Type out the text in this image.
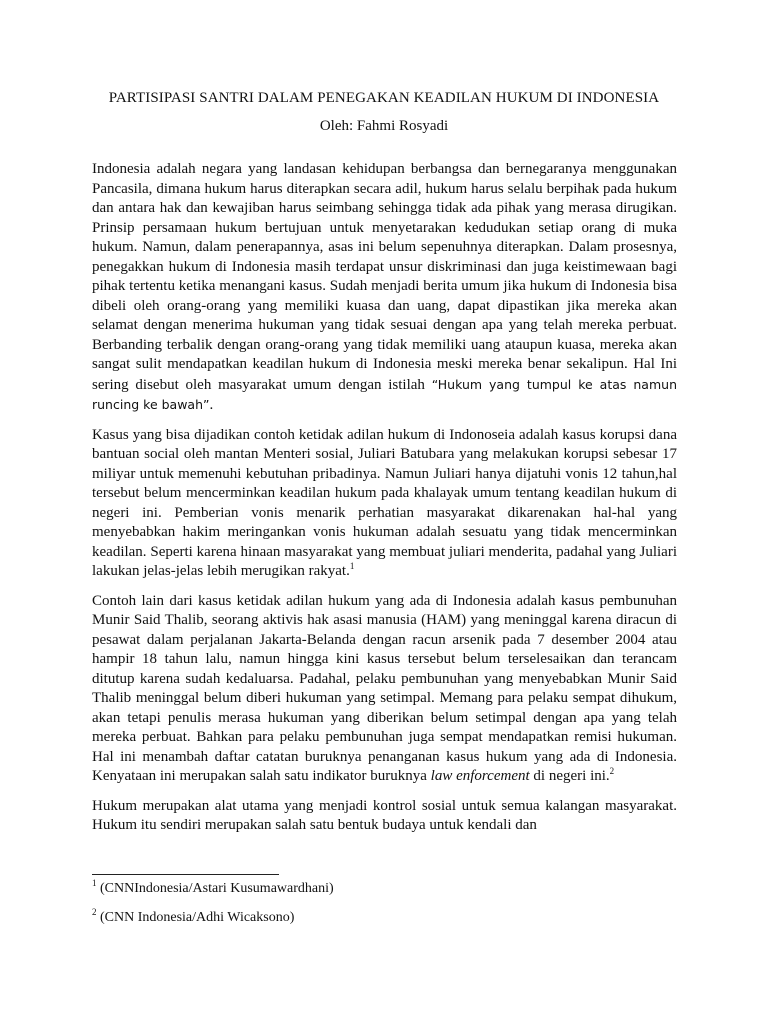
PARTISIPASI SANTRI DALAM PENEGAKAN KEADILAN HUKUM DI INDONESIA
Oleh: Fahmi Rosyadi

Indonesia adalah negara yang landasan kehidupan berbangsa dan bernegaranya menggunakan Pancasila, dimana hukum harus diterapkan secara adil, hukum harus selalu berpihak pada hukum dan antara hak dan kewajiban harus seimbang sehingga tidak ada pihak yang merasa dirugikan. Prinsip persamaan hukum bertujuan untuk menyetarakan kedudukan setiap orang di muka hukum. Namun, dalam penerapannya, asas ini belum sepenuhnya diterapkan. Dalam prosesnya, penegakkan hukum di Indonesia masih terdapat unsur diskriminasi dan juga keistimewaan bagi pihak tertentu ketika menangani kasus. Sudah menjadi berita umum jika hukum di Indonesia bisa dibeli oleh orang-orang yang memiliki kuasa dan uang, dapat dipastikan jika mereka akan selamat dengan menerima hukuman yang tidak sesuai dengan apa yang telah mereka perbuat. Berbanding terbalik dengan orang-orang yang tidak memiliki uang ataupun kuasa, mereka akan sangat sulit mendapatkan keadilan hukum di Indonesia meski mereka benar sekalipun. Hal Ini sering disebut oleh masyarakat umum dengan istilah “Hukum yang tumpul ke atas namun runcing ke bawah”.

Kasus yang bisa dijadikan contoh ketidak adilan hukum di Indonoseia adalah kasus korupsi dana bantuan social oleh mantan Menteri sosial, Juliari Batubara yang melakukan korupsi sebesar 17 miliyar untuk memenuhi kebutuhan pribadinya. Namun Juliari hanya dijatuhi vonis 12 tahun,hal tersebut belum mencerminkan keadilan hukum pada khalayak umum tentang keadilan hukum di negeri ini. Pemberian vonis menarik perhatian masyarakat dikarenakan hal-hal yang menyebabkan hakim meringankan vonis hukuman adalah sesuatu yang tidak mencerminkan keadilan. Seperti karena hinaan masyarakat yang membuat juliari menderita, padahal yang Juliari lakukan jelas-jelas lebih merugikan rakyat.$^1$

Contoh lain dari kasus ketidak adilan hukum yang ada di Indonesia adalah kasus pembunuhan Munir Said Thalib, seorang aktivis hak asasi manusia (HAM) yang meninggal karena diracun di pesawat dalam perjalanan Jakarta-Belanda dengan racun arsenik pada 7 desember 2004 atau hampir 18 tahun lalu, namun hingga kini kasus tersebut belum terselesaikan dan terancam ditutup karena sudah kedaluarsa. Padahal, pelaku pembunuhan yang menyebabkan Munir Said Thalib meninggal belum diberi hukuman yang setimpal. Memang para pelaku sempat dihukum, akan tetapi penulis merasa hukuman yang diberikan belum setimpal dengan apa yang telah mereka perbuat. Bahkan para pelaku pembunuhan juga sempat mendapatkan remisi hukuman. Hal ini menambah daftar catatan buruknya penanganan kasus hukum yang ada di Indonesia. Kenyataan ini merupakan salah satu indikator buruknya law enforcement di negeri ini.$^2$

Hukum merupakan alat utama yang menjadi kontrol sosial untuk semua kalangan masyarakat. Hukum itu sendiri merupakan salah satu bentuk budaya untuk kendali dan

$^1$ (CNNIndonesia/Astari Kusumawardhani)
$^2$ (CNN Indonesia/Adhi Wicaksono)
